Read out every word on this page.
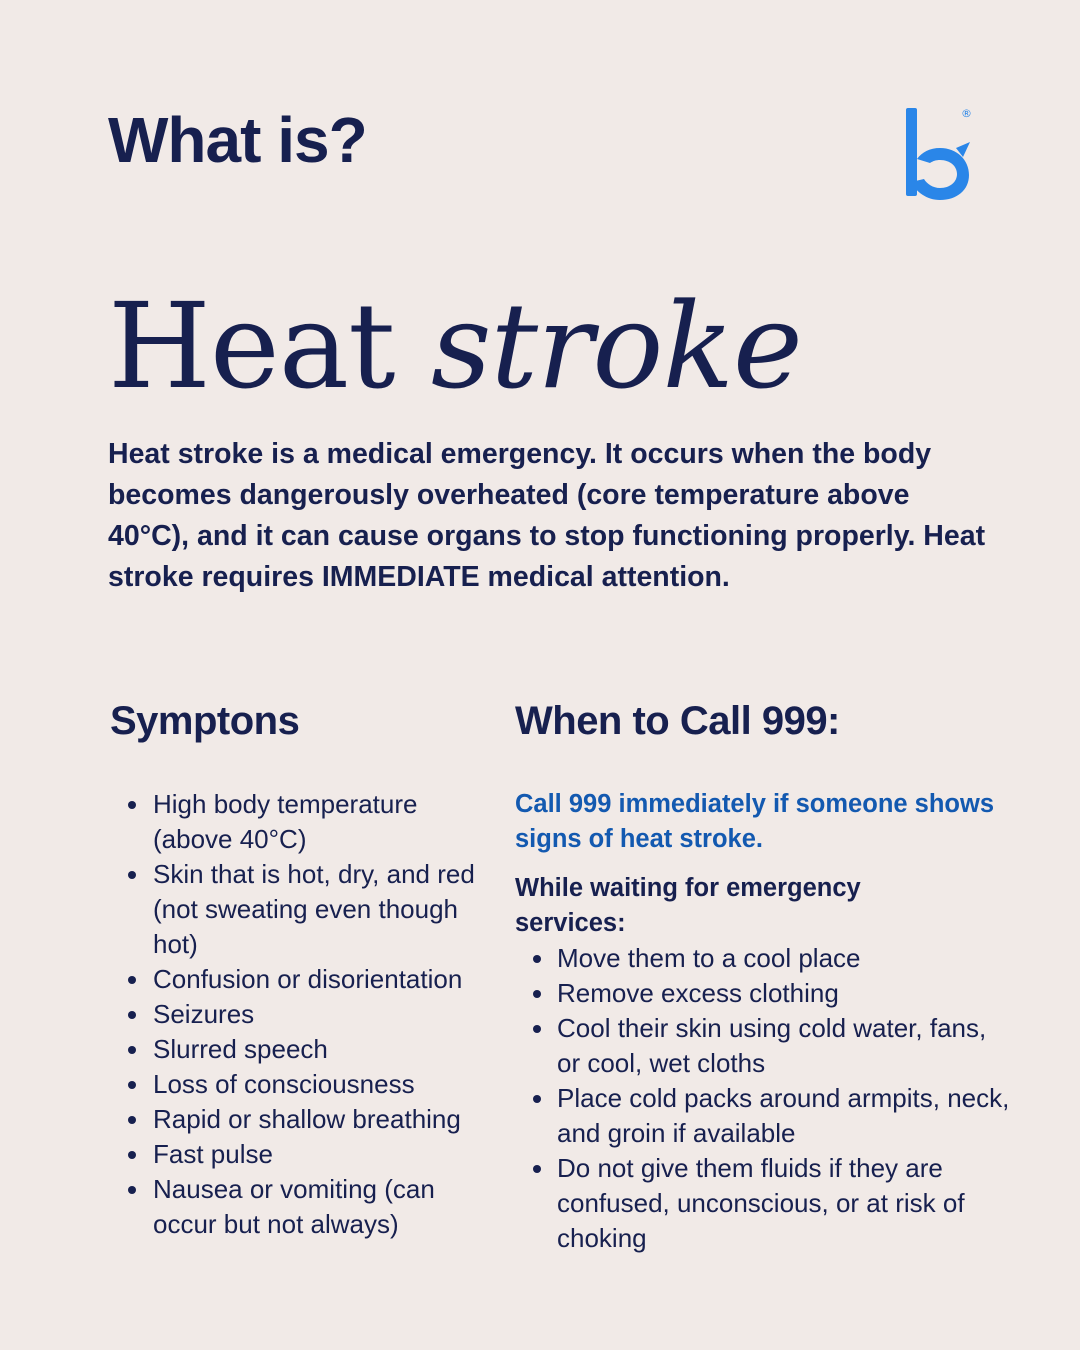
What is?	®
Heat stroke

Heat stroke is a medical emergency. It occurs when the body becomes dangerously overheated (core temperature above 40°C), and it can cause organs to stop functioning properly. Heat stroke requires IMMEDIATE medical attention.

Symptons
High body temperature (above 40°C)
Skin that is hot, dry, and red (not sweating even though hot)
Confusion or disorientation
Seizures
Slurred speech
Loss of consciousness
Rapid or shallow breathing
Fast pulse
Nausea or vomiting (can occur but not always)
When to Call 999:

Call 999 immediately if someone shows signs of heat stroke.

While waiting for emergency services:

Move them to a cool place
Remove excess clothing
Cool their skin using cold water, fans, or cool, wet cloths
Place cold packs around armpits, neck, and groin if available
Do not give them fluids if they are confused, unconscious, or at risk of choking
